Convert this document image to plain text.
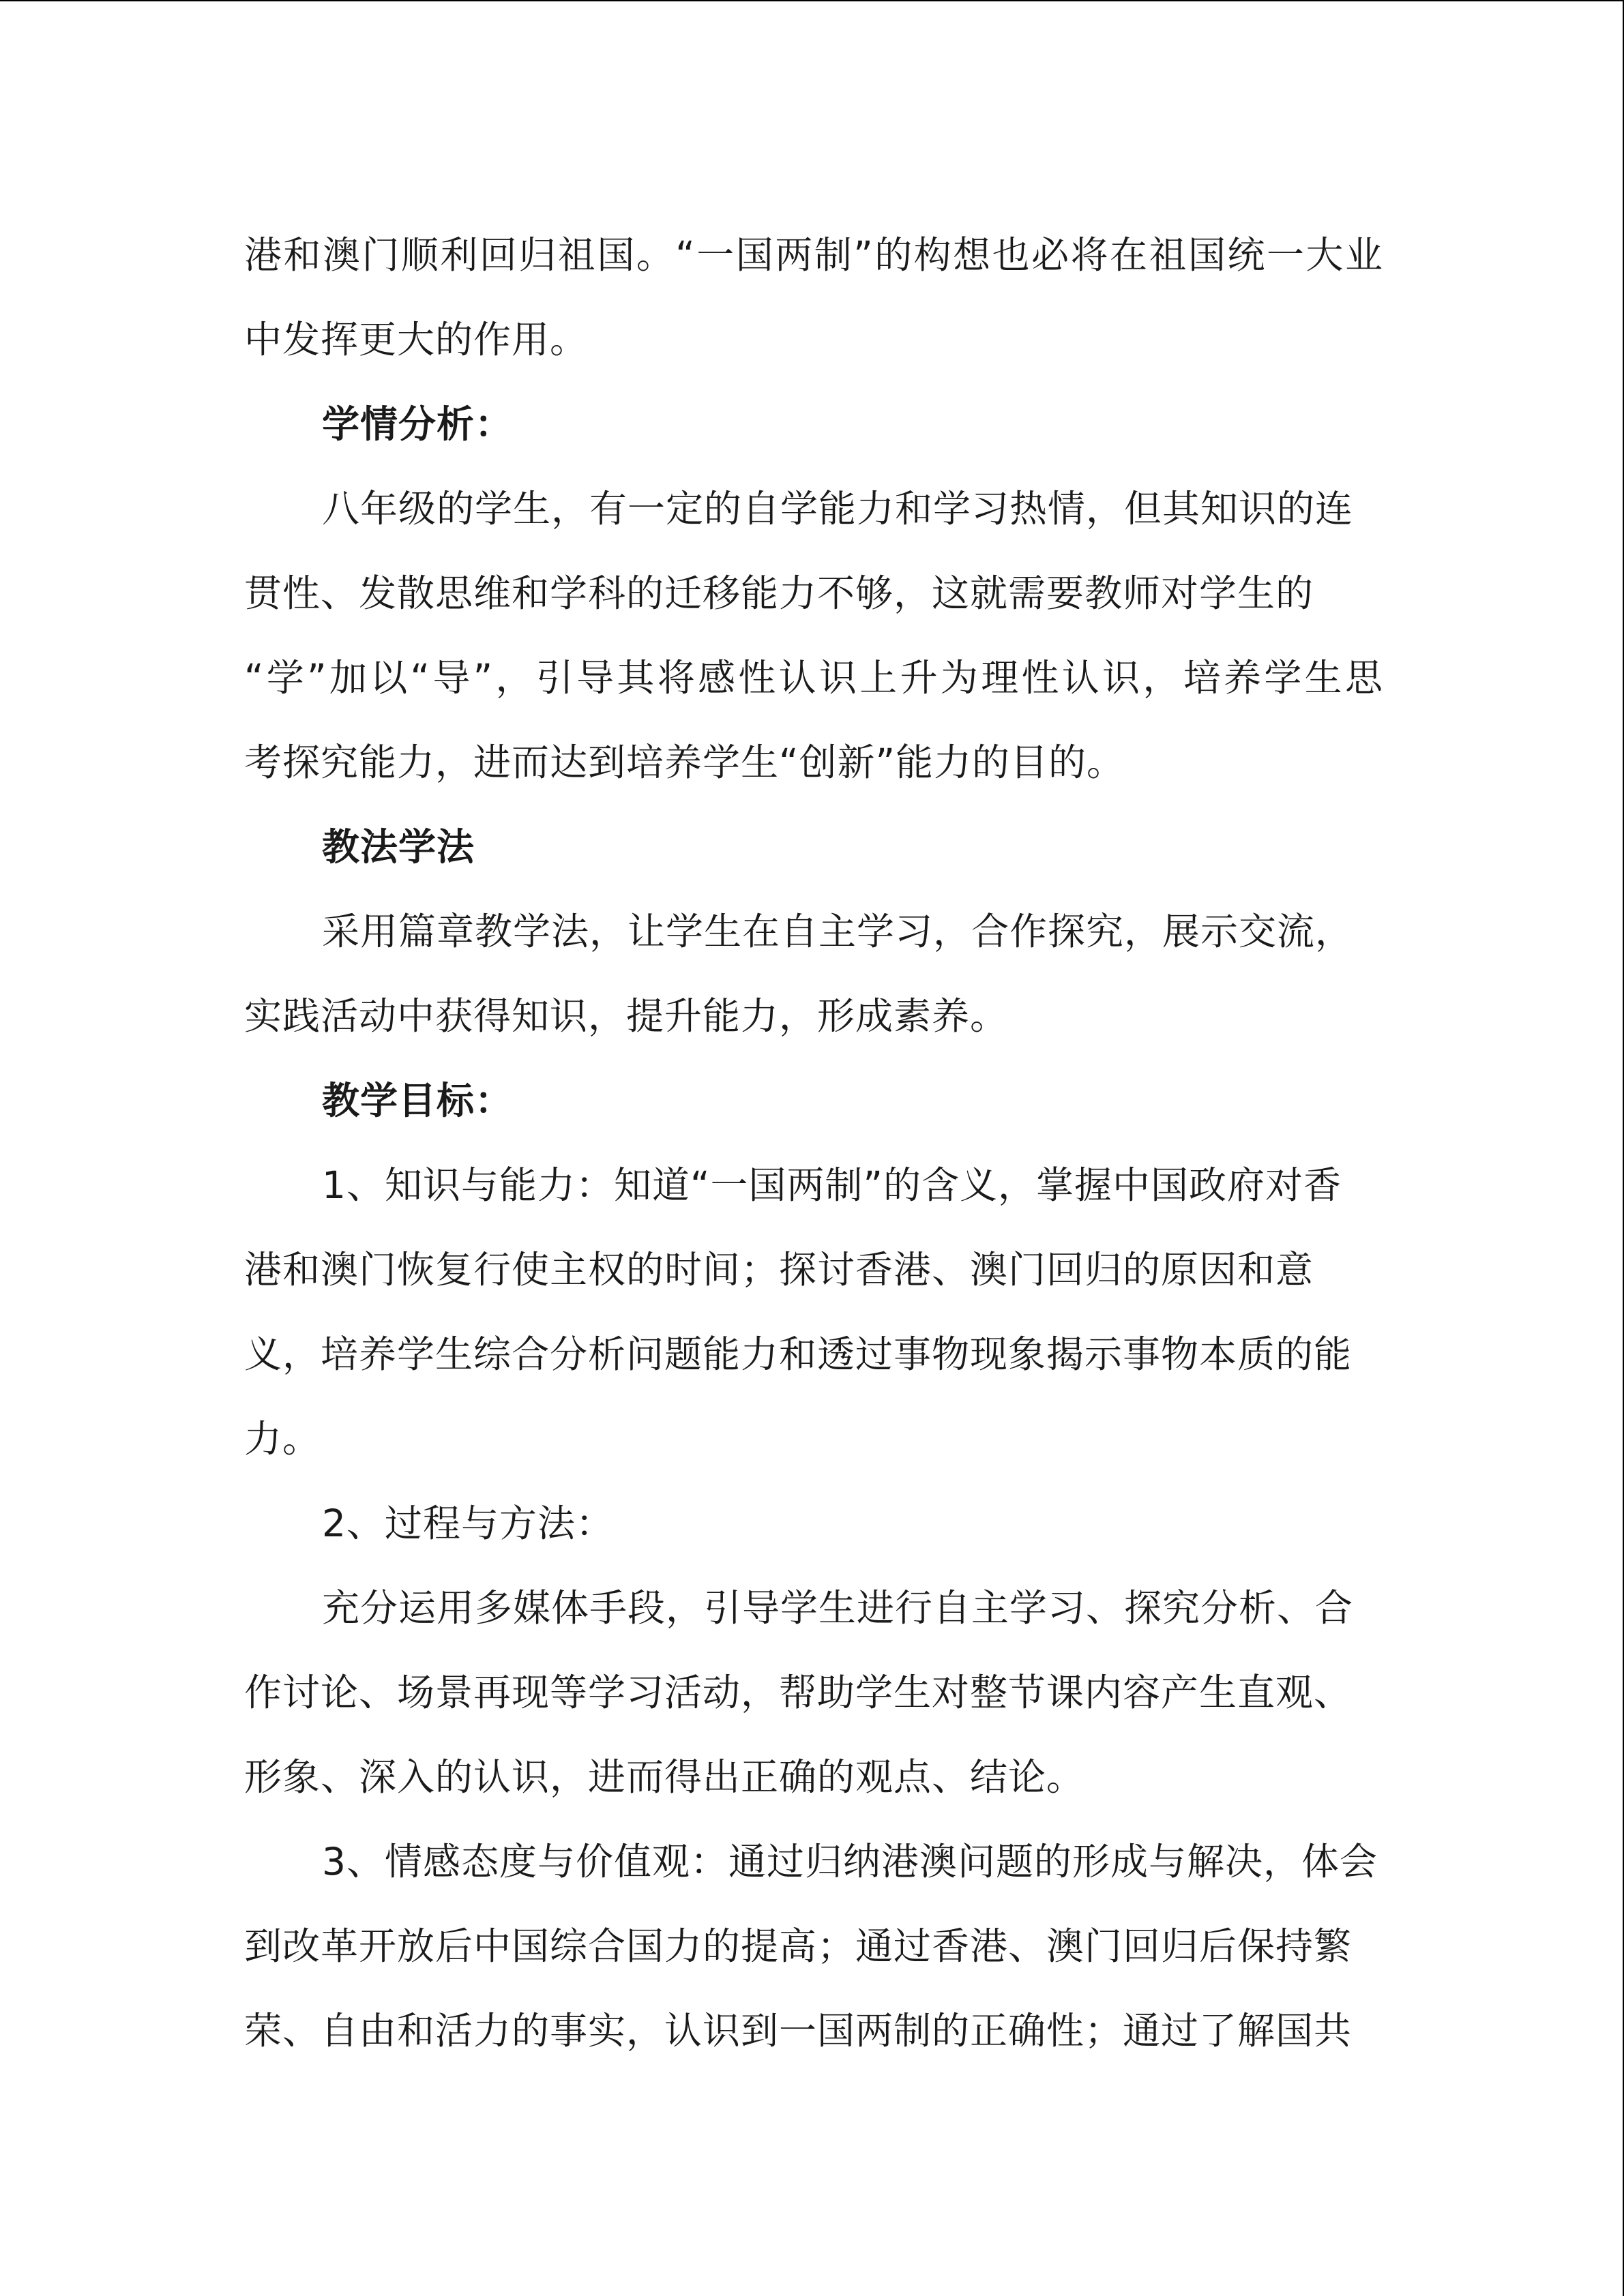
港和澳门顺利回归祖国。“一国两制”的构想也必将在祖国统一大业
中发挥更大的作用。
学情分析：
八年级的学生，有一定的自学能力和学习热情，但其知识的连
贯性、发散思维和学科的迁移能力不够，这就需要教师对学生的
“学”加以“导”，引导其将感性认识上升为理性认识，培养学生思
考探究能力，进而达到培养学生“创新”能力的目的。
教法学法
采用篇章教学法，让学生在自主学习，合作探究，展示交流，
实践活动中获得知识，提升能力，形成素养。
教学目标：
1、知识与能力：知道“一国两制”的含义，掌握中国政府对香
港和澳门恢复行使主权的时间；探讨香港、澳门回归的原因和意
义，培养学生综合分析问题能力和透过事物现象揭示事物本质的能
力。
2、过程与方法：
充分运用多媒体手段，引导学生进行自主学习、探究分析、合
作讨论、场景再现等学习活动，帮助学生对整节课内容产生直观、
形象、深入的认识，进而得出正确的观点、结论。
3、情感态度与价值观：通过归纳港澳问题的形成与解决，体会
到改革开放后中国综合国力的提高；通过香港、澳门回归后保持繁
荣、自由和活力的事实，认识到一国两制的正确性；通过了解国共
